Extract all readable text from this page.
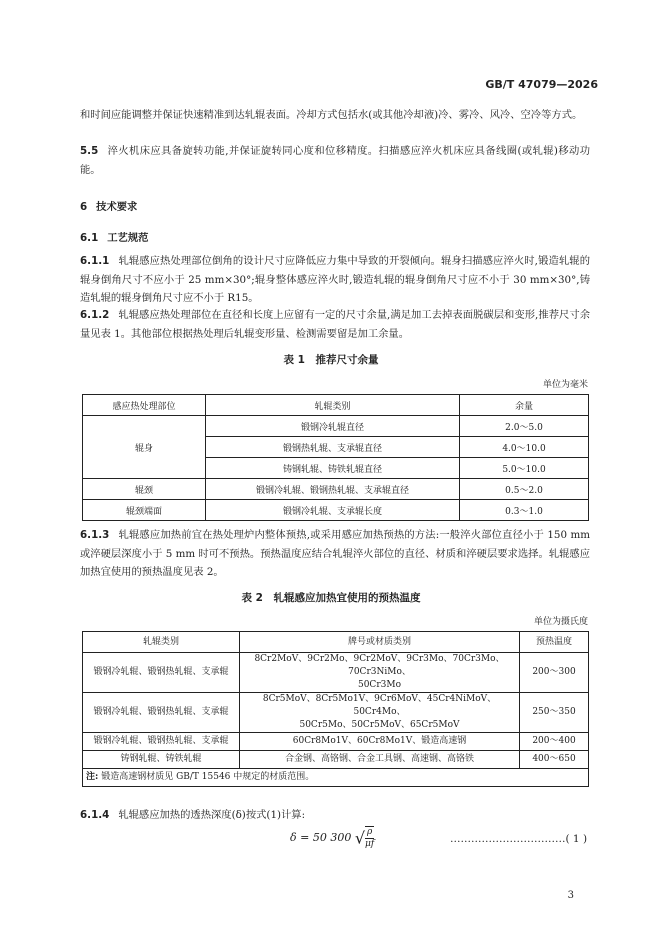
GB/T 47079—2026

和时间应能调整并保证快速精准到达轧辊表面。冷却方式包括水(或其他冷却液)冷、雾冷、风冷、空冷等方式。

5.5 淬火机床应具备旋转功能,并保证旋转同心度和位移精度。扫描感应淬火机床应具备线圈(或轧辊)移动功能。

6 技术要求
6.1 工艺规范

6.1.1 轧辊感应热处理部位倒角的设计尺寸应降低应力集中导致的开裂倾向。辊身扫描感应淬火时,锻造轧辊的辊身倒角尺寸不应小于 25 mm×30°;辊身整体感应淬火时,锻造轧辊的辊身倒角尺寸应不小于 30 mm×30°,铸造轧辊的辊身倒角尺寸应不小于 R15。

6.1.2 轧辊感应热处理部位在直径和长度上应留有一定的尺寸余量,满足加工去掉表面脱碳层和变形,推荐尺寸余量见表 1。其他部位根据热处理后轧辊变形量、检测需要留是加工余量。

表 1　推荐尺寸余量
单位为毫米
感应热处理部位	轧辊类别	余量
辊身	锻钢冷轧辊直径	2.0～5.0
	锻钢热轧辊、支承辊直径	4.0～10.0
	铸钢轧辊、铸铁轧辊直径	5.0～10.0
辊颈	锻钢冷轧辊、锻钢热轧辊、支承辊直径	0.5～2.0
辊颈端面	锻钢冷轧辊、支承辊长度	0.3～1.0

6.1.3 轧辊感应加热前宜在热处理炉内整体预热,或采用感应加热预热的方法:一般淬火部位直径小于 150 mm 或淬硬层深度小于 5 mm 时可不预热。预热温度应结合轧辊淬火部位的直径、材质和淬硬层要求选择。轧辊感应加热宜使用的预热温度见表 2。

表 2　轧辊感应加热宜使用的预热温度
单位为摄氏度
轧辊类别	牌号或材质类别	预热温度
锻钢冷轧辊、锻钢热轧辊、支承辊	8Cr2MoV、9Cr2Mo、9Cr2MoV、9Cr3Mo、70Cr3Mo、70Cr3NiMo、
50Cr3Mo	200～300
锻钢冷轧辊、锻钢热轧辊、支承辊	8Cr5MoV、8Cr5Mo1V、9Cr6MoV、45Cr4NiMoV、50Cr4Mo、
50Cr5Mo、50Cr5MoV、65Cr5MoV	250～350
锻钢冷轧辊、锻钢热轧辊、支承辊	60Cr8Mo1V、60Cr8Mo1V、锻造高速钢	200～400
铸钢轧辊、铸铁轧辊	合金钢、高铬钢、合金工具钢、高速钢、高铬铁	400～650
注: 锻造高速钢材质见 GB/T 15546 中规定的材质范围。		

6.1.4 轧辊感应加热的透热深度(δ)按式(1)计算:

δ = 50 300 √ $\frac{\rho}{\mu f}$	……………………………( 1 )
3
